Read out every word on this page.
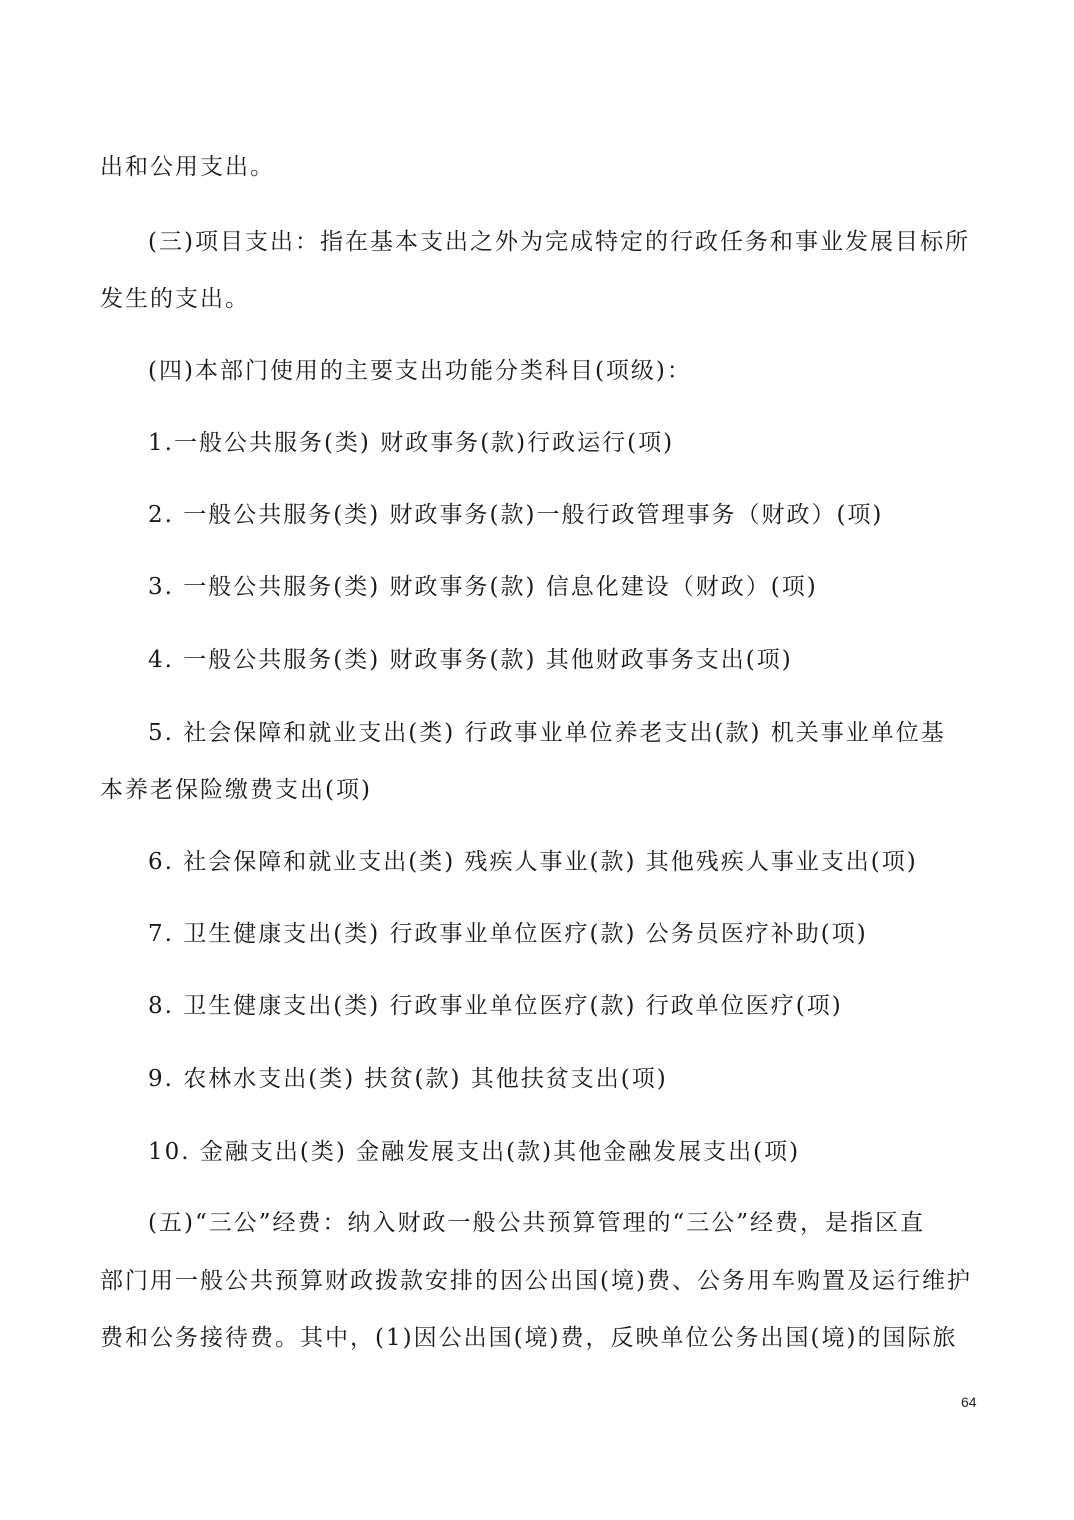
出和公用支出。
(三)项目支出：指在基本支出之外为完成特定的行政任务和事业发展目标所
发生的支出。
(四)本部门使用的主要支出功能分类科目(项级)：
1.一般公共服务(类) 财政事务(款)行政运行(项)
2. 一般公共服务(类) 财政事务(款)一般行政管理事务（财政）(项)
3. 一般公共服务(类) 财政事务(款) 信息化建设（财政）(项)
4. 一般公共服务(类) 财政事务(款) 其他财政事务支出(项)
5. 社会保障和就业支出(类) 行政事业单位养老支出(款) 机关事业单位基
本养老保险缴费支出(项)
6. 社会保障和就业支出(类) 残疾人事业(款) 其他残疾人事业支出(项)
7. 卫生健康支出(类) 行政事业单位医疗(款) 公务员医疗补助(项)
8. 卫生健康支出(类) 行政事业单位医疗(款) 行政单位医疗(项)
9. 农林水支出(类) 扶贫(款) 其他扶贫支出(项)
10. 金融支出(类) 金融发展支出(款)其他金融发展支出(项)
(五)“三公”经费：纳入财政一般公共预算管理的“三公”经费，是指区直
部门用一般公共预算财政拨款安排的因公出国(境)费、公务用车购置及运行维护
费和公务接待费。其中，(1)因公出国(境)费，反映单位公务出国(境)的国际旅
64
